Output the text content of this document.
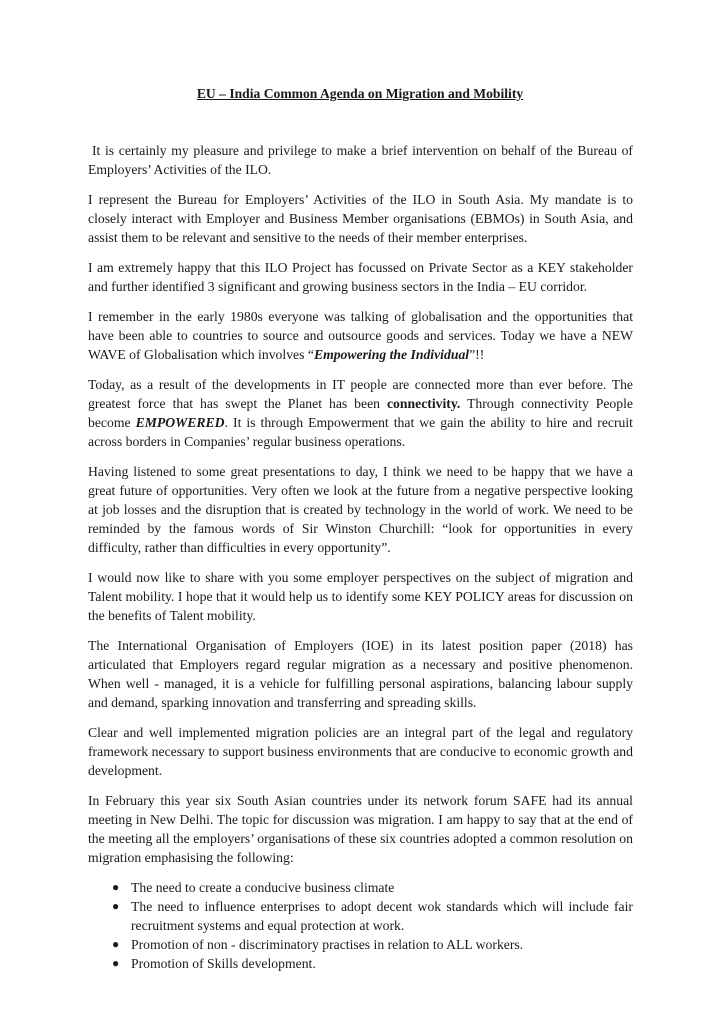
EU – India Common Agenda on Migration and Mobility

It is certainly my pleasure and privilege to make a brief intervention on behalf of the Bureau of Employers’ Activities of the ILO.

I represent the Bureau for Employers’ Activities of the ILO in South Asia. My mandate is to closely interact with Employer and Business Member organisations (EBMOs) in South Asia, and assist them to be relevant and sensitive to the needs of their member enterprises.

I am extremely happy that this ILO Project has focussed on Private Sector as a KEY stakeholder and further identified 3 significant and growing business sectors in the India – EU corridor.

I remember in the early 1980s everyone was talking of globalisation and the opportunities that have been able to countries to source and outsource goods and services. Today we have a NEW WAVE of Globalisation which involves “Empowering the Individual”!!

Today, as a result of the developments in IT people are connected more than ever before. The greatest force that has swept the Planet has been connectivity. Through connectivity People become EMPOWERED. It is through Empowerment that we gain the ability to hire and recruit across borders in Companies’ regular business operations.

Having listened to some great presentations to day, I think we need to be happy that we have a great future of opportunities. Very often we look at the future from a negative perspective looking at job losses and the disruption that is created by technology in the world of work. We need to be reminded by the famous words of Sir Winston Churchill: “look for opportunities in every difficulty, rather than difficulties in every opportunity”.

I would now like to share with you some employer perspectives on the subject of migration and Talent mobility. I hope that it would help us to identify some KEY POLICY areas for discussion on the benefits of Talent mobility.

The International Organisation of Employers (IOE) in its latest position paper (2018) has articulated that Employers regard regular migration as a necessary and positive phenomenon. When well - managed, it is a vehicle for fulfilling personal aspirations, balancing labour supply and demand, sparking innovation and transferring and spreading skills.

Clear and well implemented migration policies are an integral part of the legal and regulatory framework necessary to support business environments that are conducive to economic growth and development.

In February this year six South Asian countries under its network forum SAFE had its annual meeting in New Delhi. The topic for discussion was migration. I am happy to say that at the end of the meeting all the employers’ organisations of these six countries adopted a common resolution on migration emphasising the following:

● The need to create a conducive business climate
● The need to influence enterprises to adopt decent wok standards which will include fair recruitment systems and equal protection at work.
● Promotion of non - discriminatory practises in relation to ALL workers.
● Promotion of Skills development.
